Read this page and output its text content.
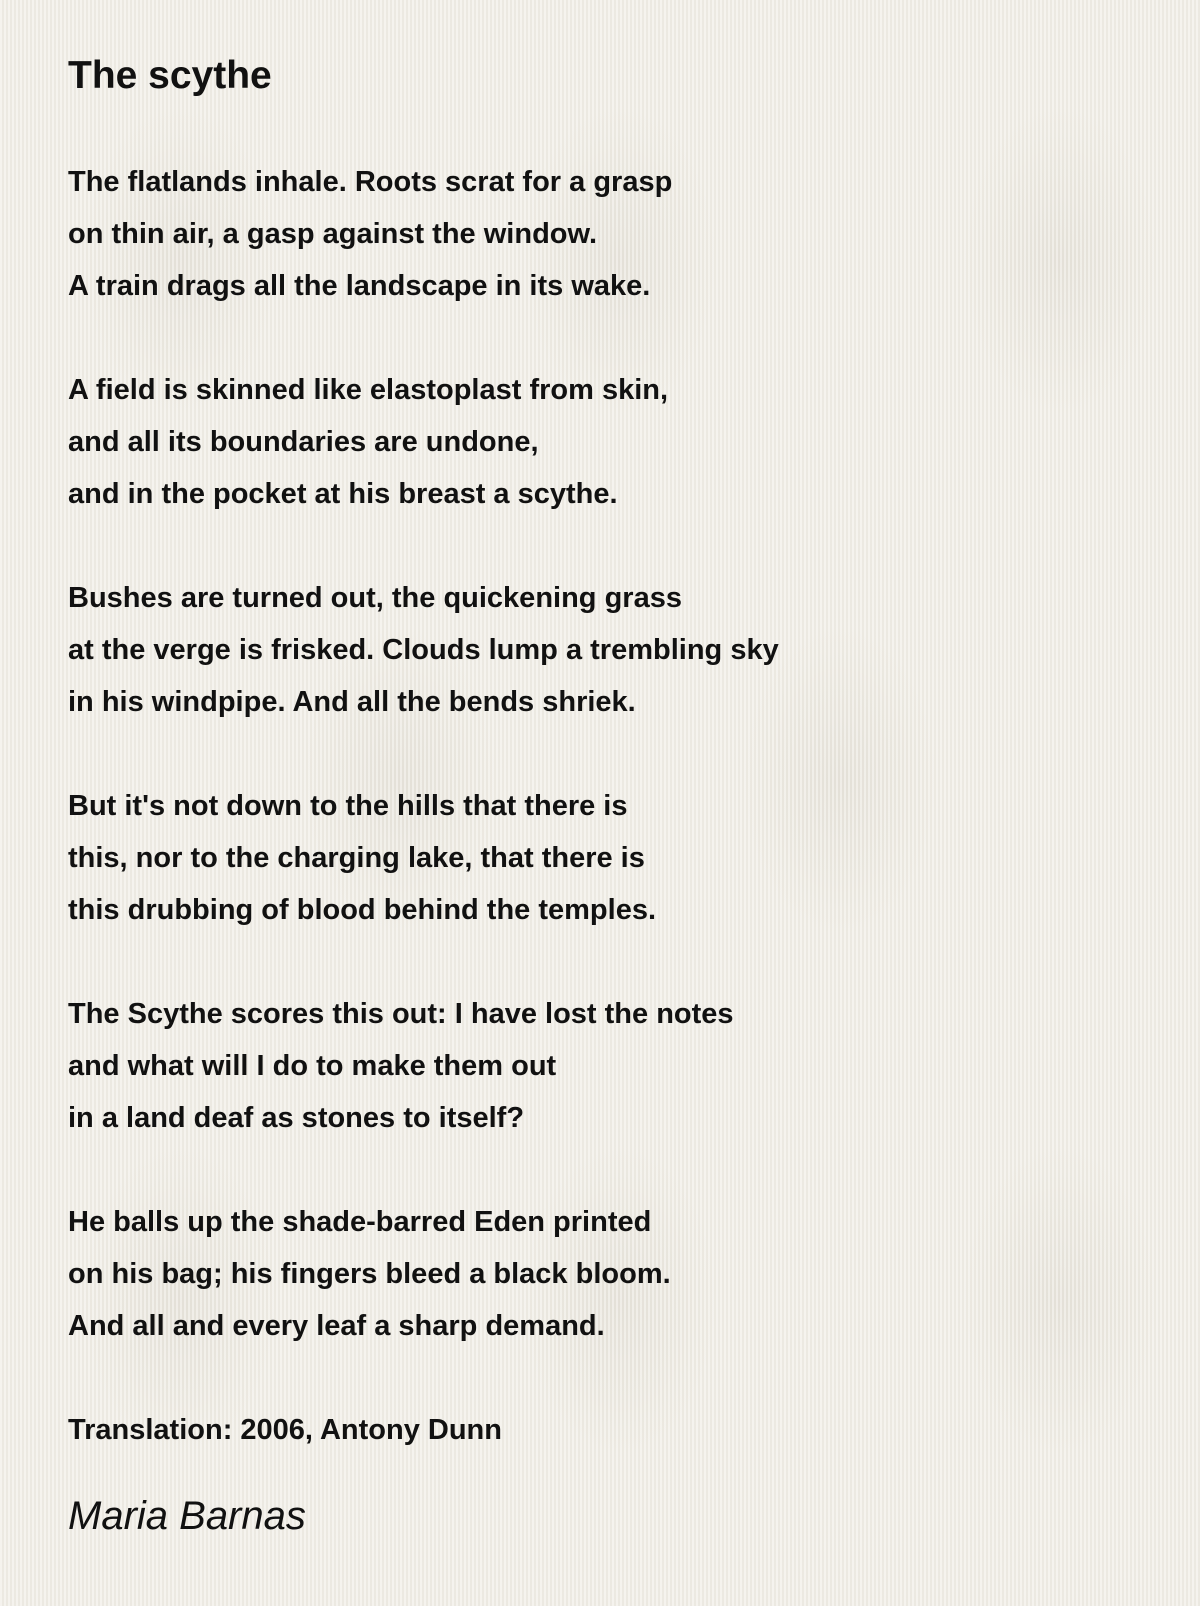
The scythe
The flatlands inhale. Roots scrat for a grasp
on thin air, a gasp against the window.
A train drags all the landscape in its wake.
A field is skinned like elastoplast from skin,
and all its boundaries are undone,
and in the pocket at his breast a scythe.
Bushes are turned out, the quickening grass
at the verge is frisked. Clouds lump a trembling sky
in his windpipe. And all the bends shriek.
But it's not down to the hills that there is
this, nor to the charging lake, that there is
this drubbing of blood behind the temples.
The Scythe scores this out: I have lost the notes
and what will I do to make them out
in a land deaf as stones to itself?
He balls up the shade-barred Eden printed
on his bag; his fingers bleed a black bloom.
And all and every leaf a sharp demand.
Translation: 2006, Antony Dunn
Maria Barnas
